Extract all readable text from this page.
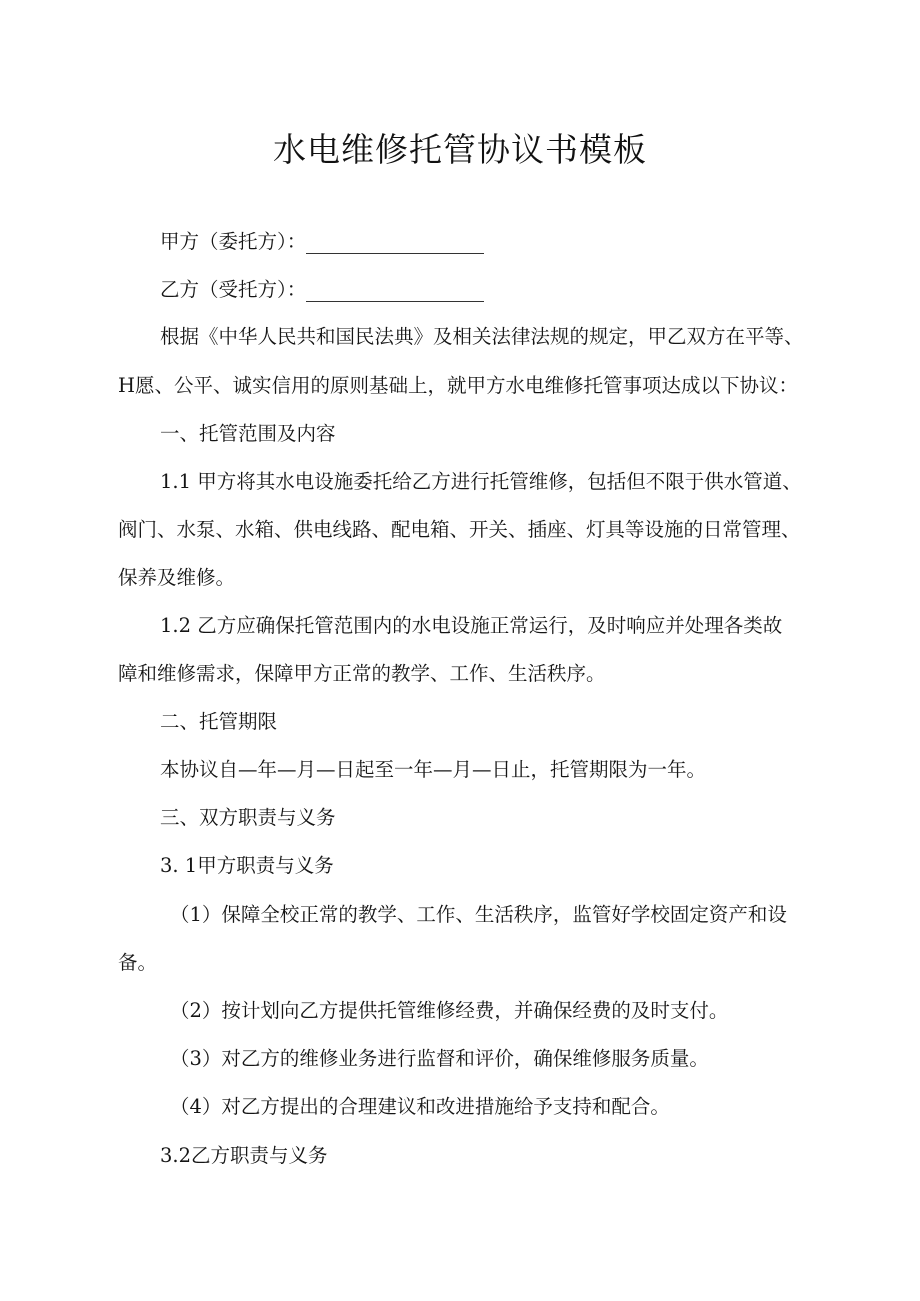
水电维修托管协议书模板
甲方（委托方）：
乙方（受托方）：
根据《中华人民共和国民法典》及相关法律法规的规定，甲乙双方在平等、
H愿、公平、诚实信用的原则基础上，就甲方水电维修托管事项达成以下协议：
一、托管范围及内容
1.1 甲方将其水电设施委托给乙方进行托管维修，包括但不限于供水管道、
阀门、水泵、水箱、供电线路、配电箱、开关、插座、灯具等设施的日常管理、
保养及维修。
1.2 乙方应确保托管范围内的水电设施正常运行，及时响应并处理各类故
障和维修需求，保障甲方正常的教学、工作、生活秩序。
二、托管期限
本协议自—年—月—日起至一年—月—日止，托管期限为一年。
三、双方职责与义务
3. 1甲方职责与义务
（1）保障全校正常的教学、工作、生活秩序，监管好学校固定资产和设
备。
（2）按计划向乙方提供托管维修经费，并确保经费的及时支付。
（3）对乙方的维修业务进行监督和评价，确保维修服务质量。
（4）对乙方提出的合理建议和改进措施给予支持和配合。
3.2乙方职责与义务
